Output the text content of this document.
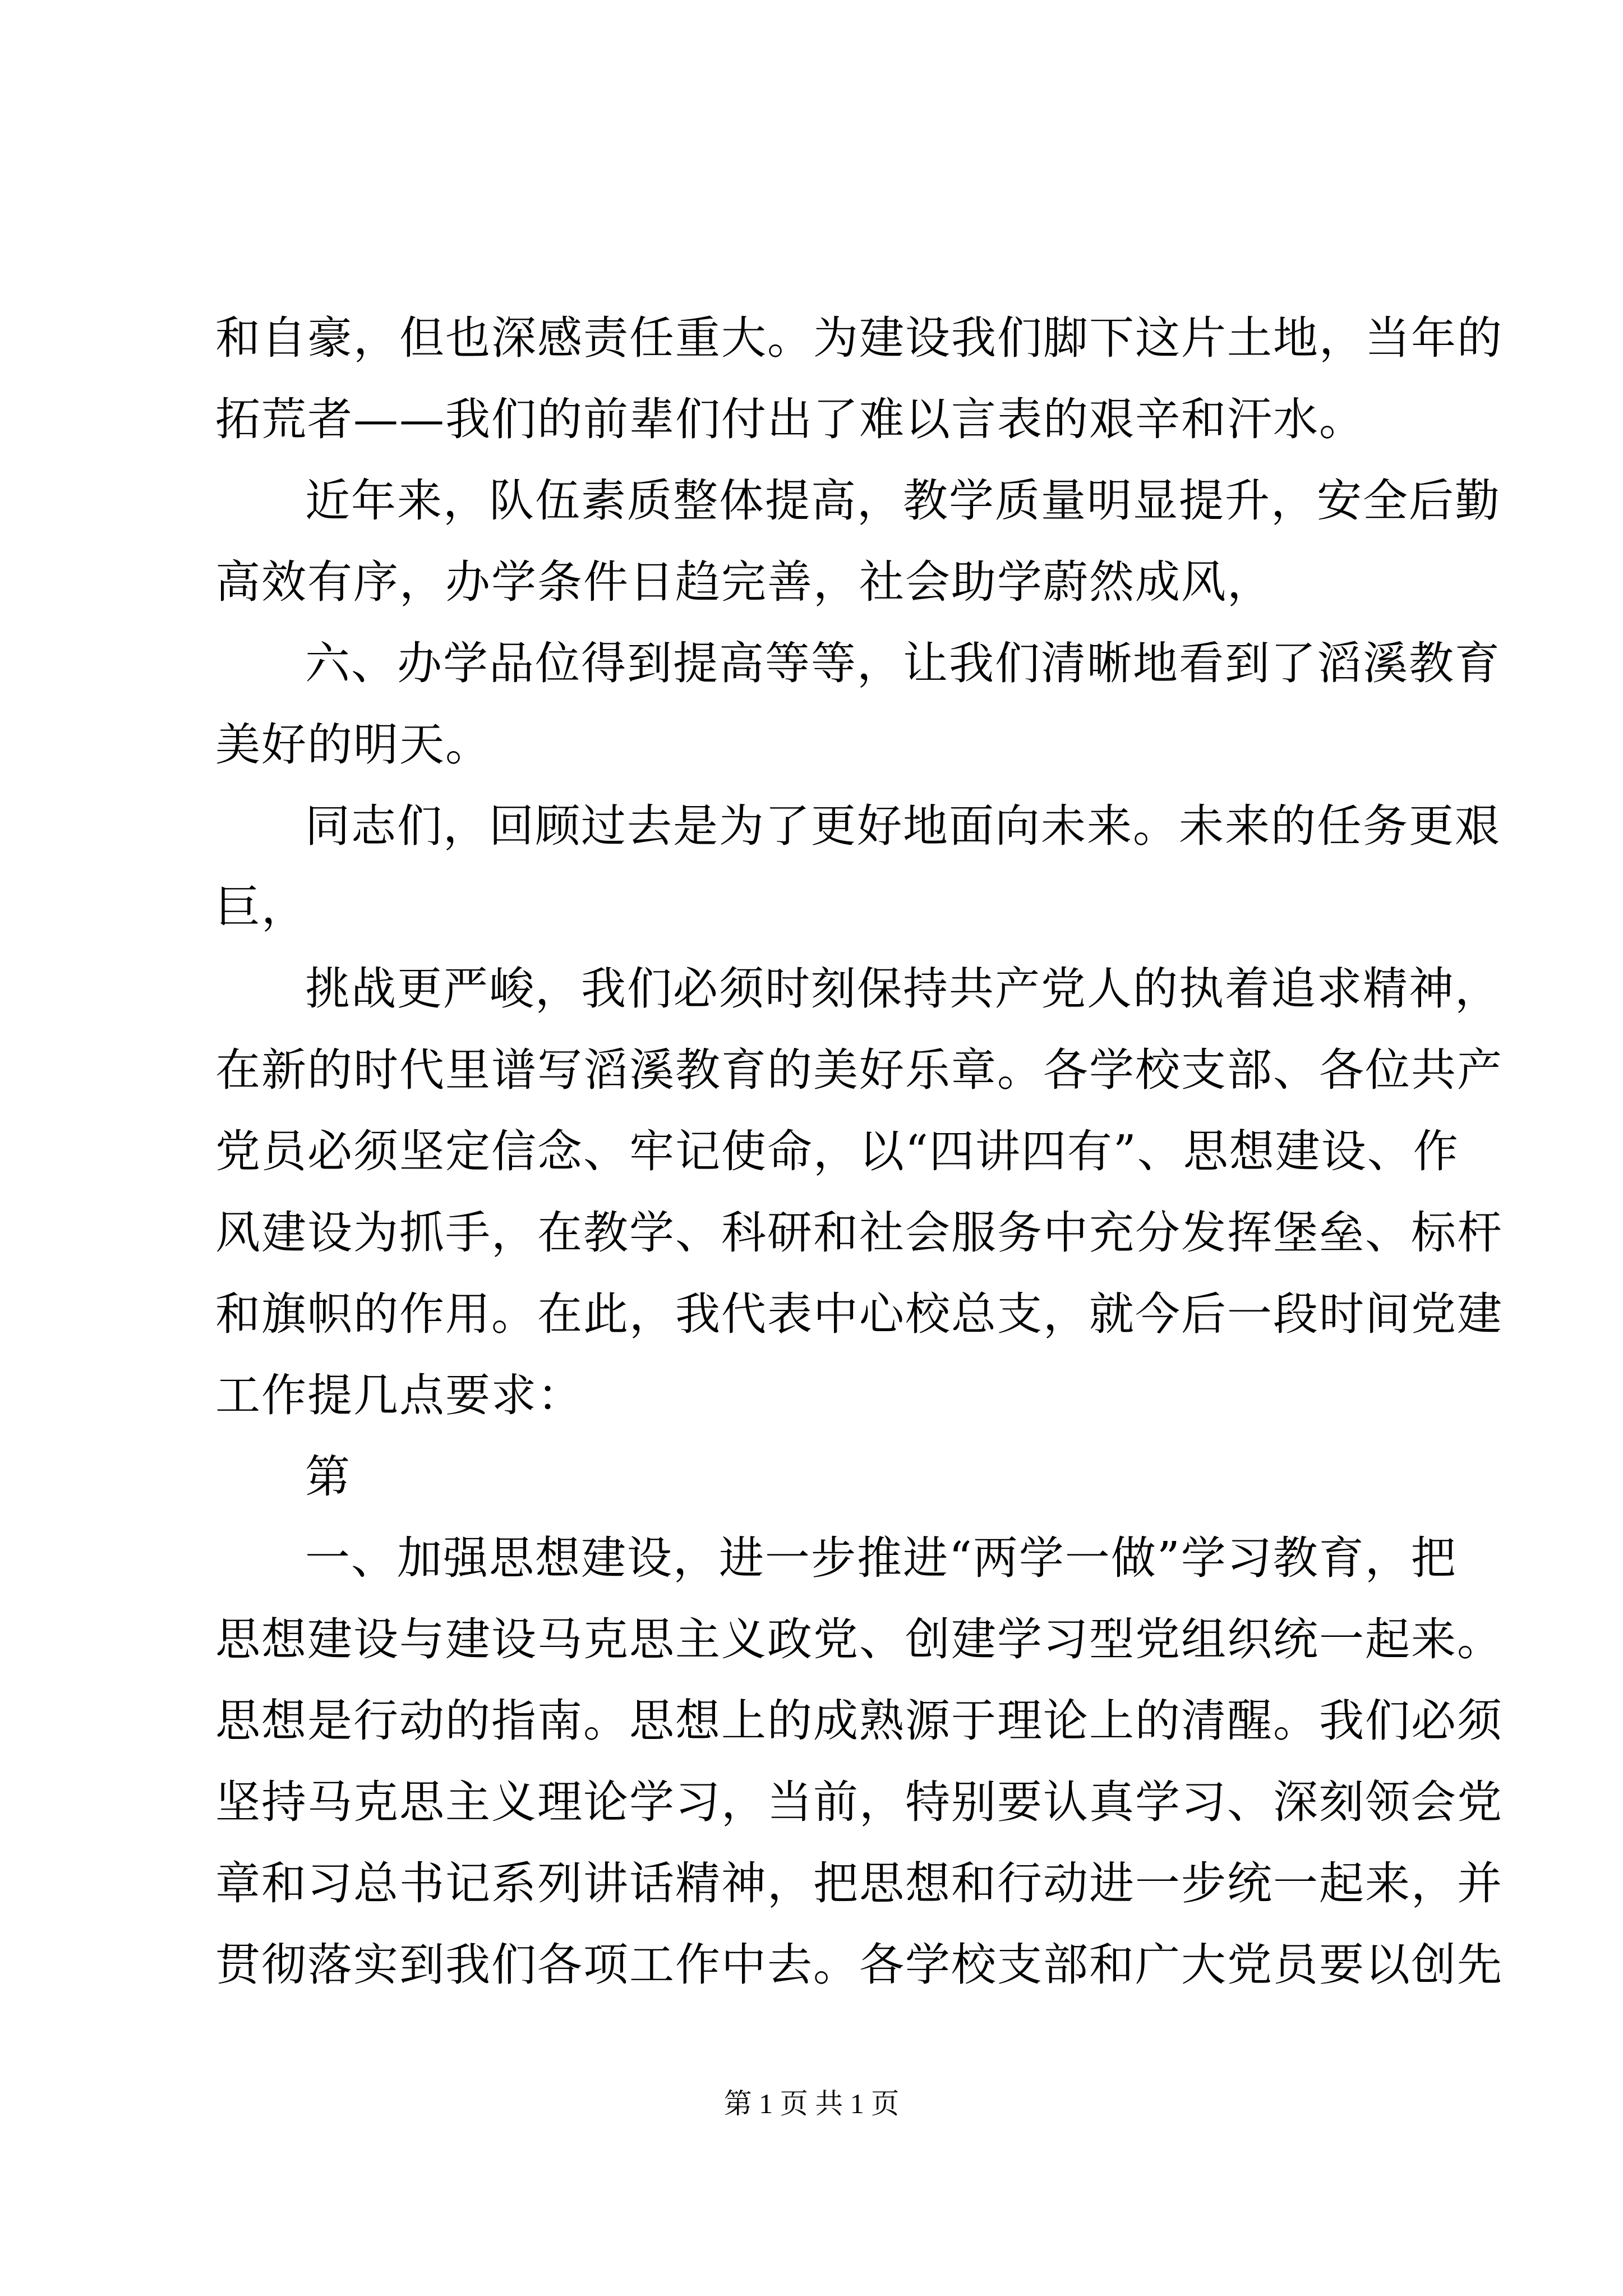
和自豪，但也深感责任重大。为建设我们脚下这片土地，当年的
拓荒者——我们的前辈们付出了难以言表的艰辛和汗水。
近年来，队伍素质整体提高，教学质量明显提升，安全后勤
高效有序，办学条件日趋完善，社会助学蔚然成风，
六、办学品位得到提高等等，让我们清晰地看到了滔溪教育
美好的明天。
同志们，回顾过去是为了更好地面向未来。未来的任务更艰
巨，
挑战更严峻，我们必须时刻保持共产党人的执着追求精神，
在新的时代里谱写滔溪教育的美好乐章。各学校支部、各位共产
党员必须坚定信念、牢记使命，以“四讲四有”、思想建设、作
风建设为抓手，在教学、科研和社会服务中充分发挥堡垒、标杆
和旗帜的作用。在此，我代表中心校总支，就今后一段时间党建
工作提几点要求：
第
一、加强思想建设，进一步推进“两学一做”学习教育，把
思想建设与建设马克思主义政党、创建学习型党组织统一起来。
思想是行动的指南。思想上的成熟源于理论上的清醒。我们必须
坚持马克思主义理论学习，当前，特别要认真学习、深刻领会党
章和习总书记系列讲话精神，把思想和行动进一步统一起来，并
贯彻落实到我们各项工作中去。各学校支部和广大党员要以创先
第 1 页 共 1 页
